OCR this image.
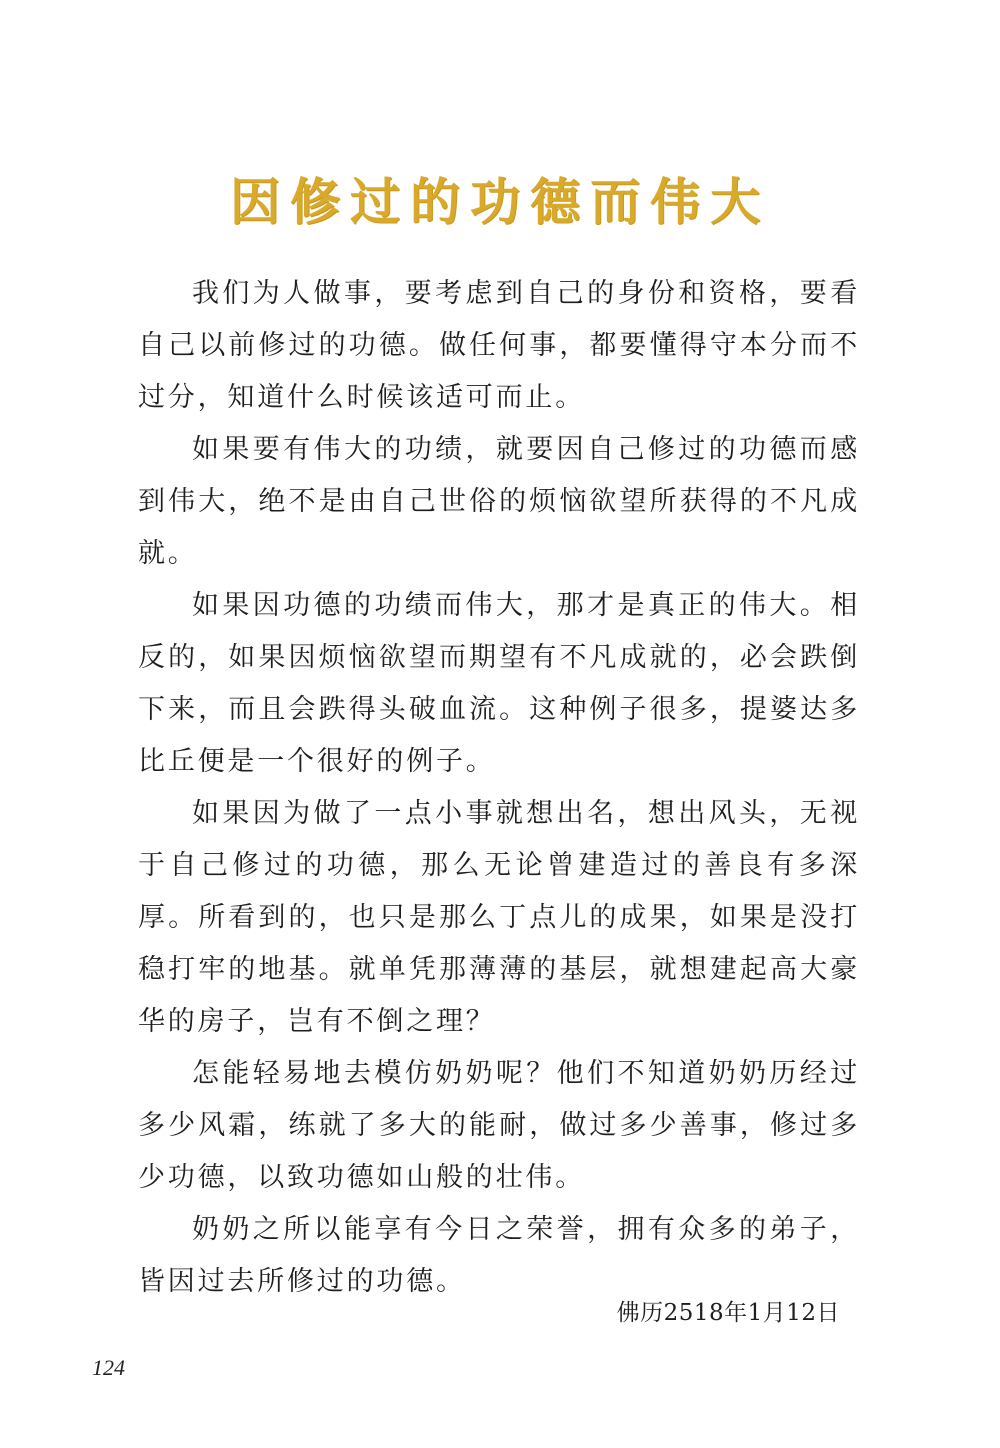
因修过的功德而伟大

我们为人做事，要考虑到自己的身份和资格，要看自己以前修过的功德。做任何事，都要懂得守本分而不过分，知道什么时候该适可而止。

如果要有伟大的功绩，就要因自己修过的功德而感到伟大，绝不是由自己世俗的烦恼欲望所获得的不凡成就。

如果因功德的功绩而伟大，那才是真正的伟大。相反的，如果因烦恼欲望而期望有不凡成就的，必会跌倒下来，而且会跌得头破血流。这种例子很多，提婆达多比丘便是一个很好的例子。

如果因为做了一点小事就想出名，想出风头，无视于自己修过的功德，那么无论曾建造过的善良有多深厚。所看到的，也只是那么丁点儿的成果，如果是没打稳打牢的地基。就单凭那薄薄的基层，就想建起高大豪华的房子，岂有不倒之理？

怎能轻易地去模仿奶奶呢？他们不知道奶奶历经过多少风霜，练就了多大的能耐，做过多少善事，修过多少功德，以致功德如山般的壮伟。

奶奶之所以能享有今日之荣誉，拥有众多的弟子，皆因过去所修过的功德。

佛历2518年1月12日
124
